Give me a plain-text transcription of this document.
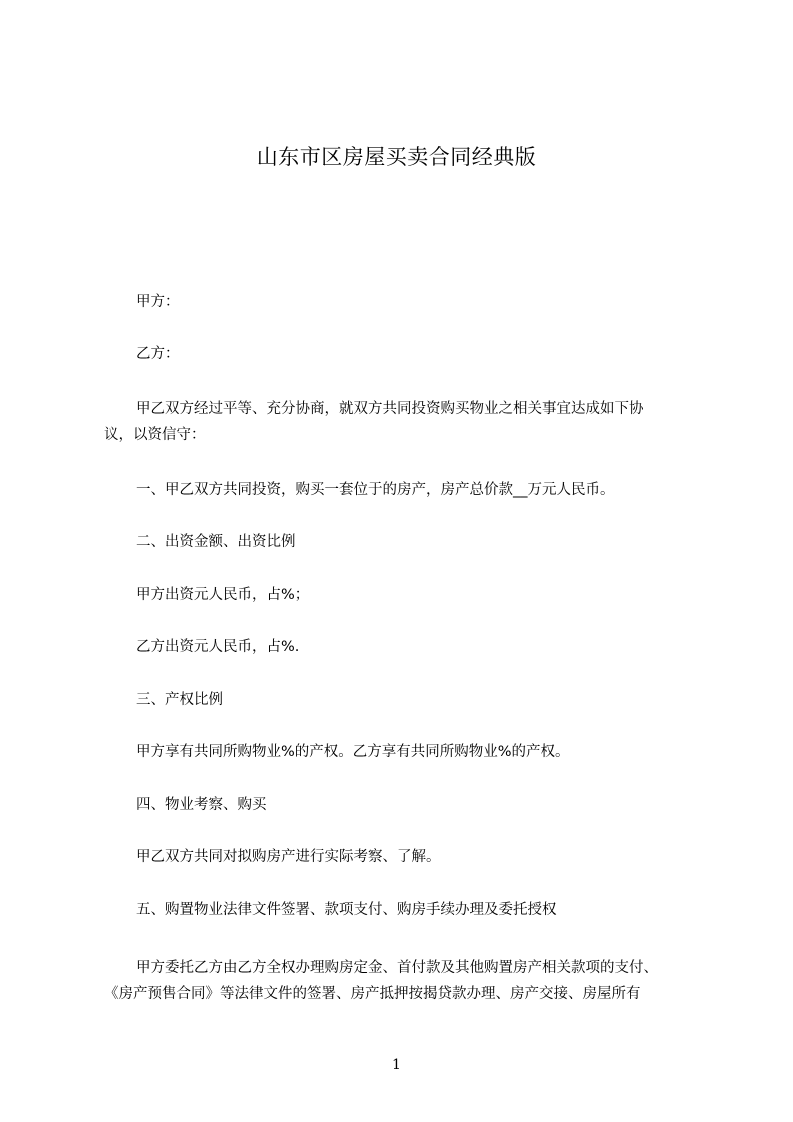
山东市区房屋买卖合同经典版
甲方：
乙方：
甲乙双方经过平等、充分协商，就双方共同投资购买物业之相关事宜达成如下协
议，以资信守：
一、甲乙双方共同投资，购买一套位于的房产，房产总价款__万元人民币。
二、出资金额、出资比例
甲方出资元人民币，占%；
乙方出资元人民币，占%.
三、产权比例
甲方享有共同所购物业%的产权。乙方享有共同所购物业%的产权。
四、物业考察、购买
甲乙双方共同对拟购房产进行实际考察、了解。
五、购置物业法律文件签署、款项支付、购房手续办理及委托授权
甲方委托乙方由乙方全权办理购房定金、首付款及其他购置房产相关款项的支付、
《房产预售合同》等法律文件的签署、房产抵押按揭贷款办理、房产交接、房屋所有
1
